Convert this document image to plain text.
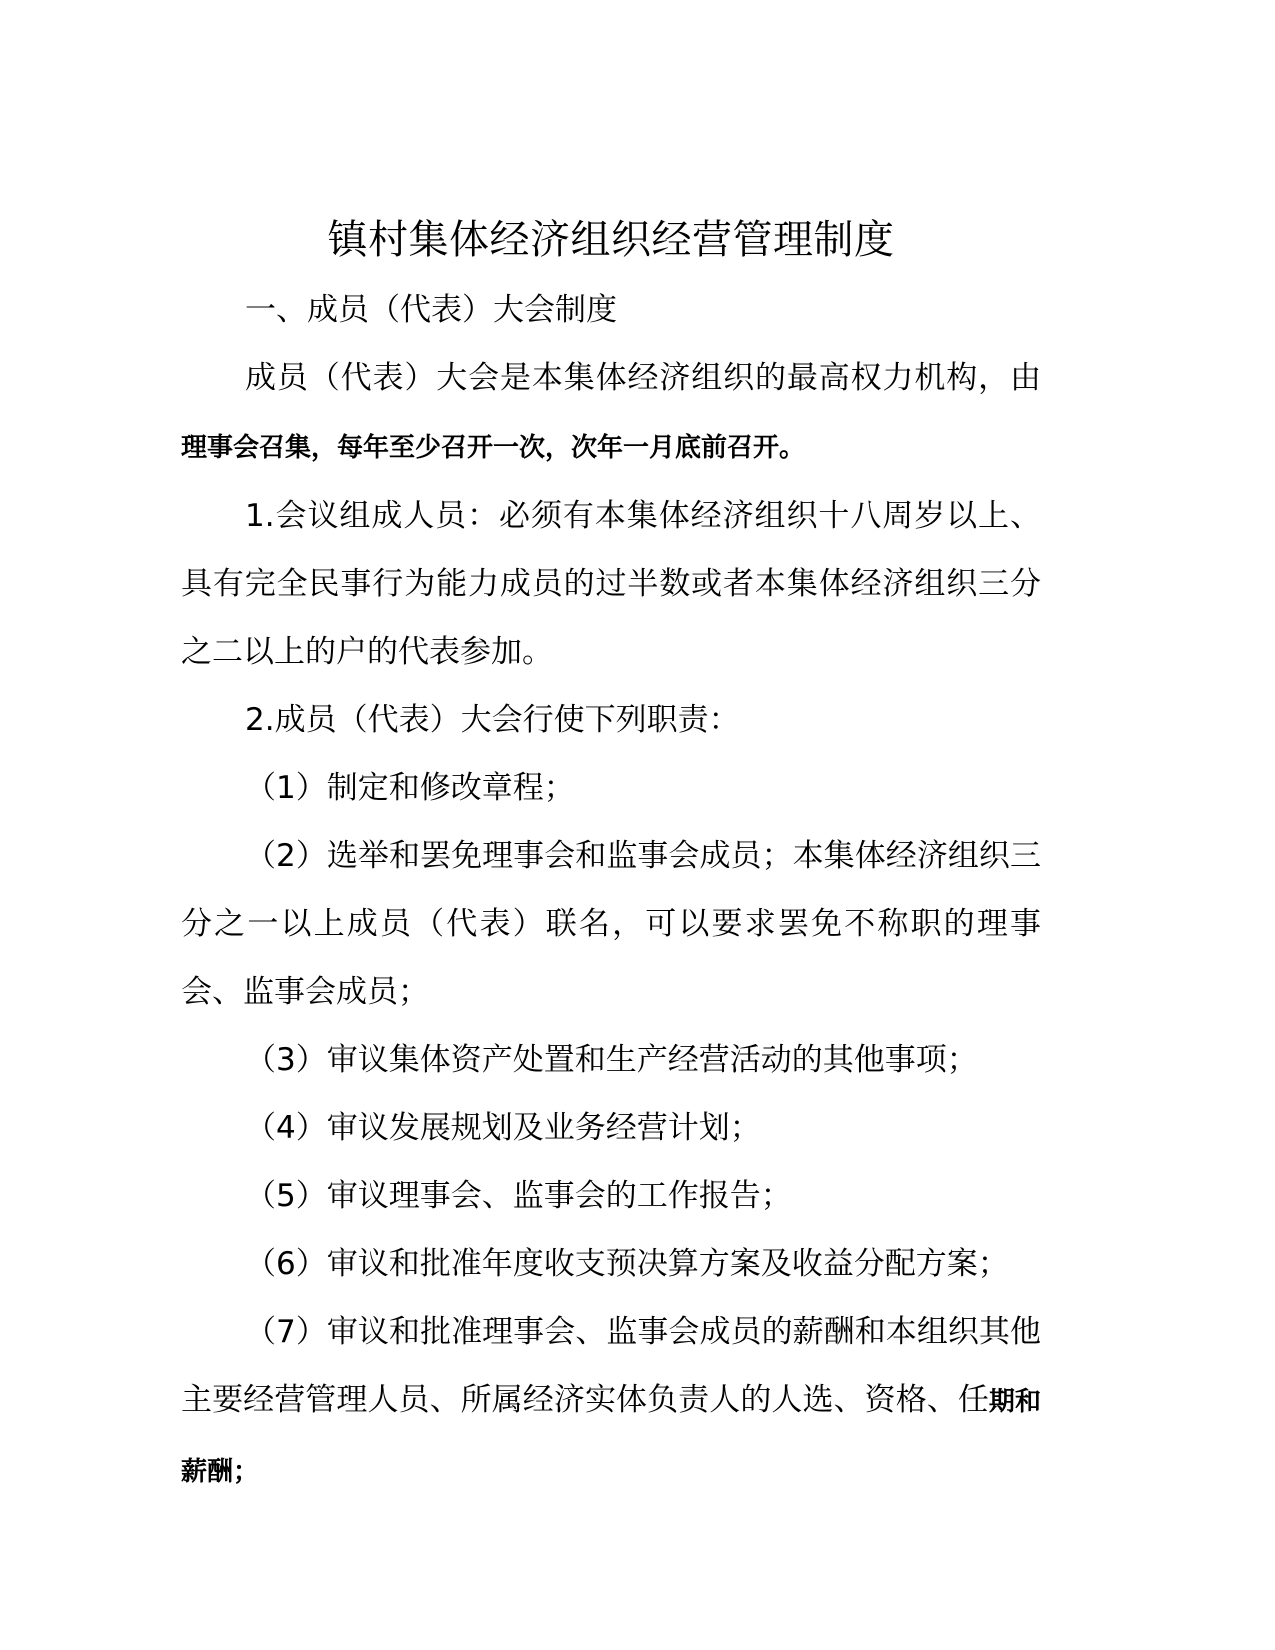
镇村集体经济组织经营管理制度

一、成员（代表）大会制度

成员（代表）大会是本集体经济组织的最高权力机构，由理事会召集，每年至少召开一次，次年一月底前召开。

1.会议组成人员：必须有本集体经济组织十八周岁以上、具有完全民事行为能力成员的过半数或者本集体经济组织三分之二以上的户的代表参加。

2.成员（代表）大会行使下列职责：

（1）制定和修改章程；

（2）选举和罢免理事会和监事会成员；本集体经济组织三分之一以上成员（代表）联名，可以要求罢免不称职的理事会、监事会成员；

（3）审议集体资产处置和生产经营活动的其他事项；

（4）审议发展规划及业务经营计划；

（5）审议理事会、监事会的工作报告；

（6）审议和批准年度收支预决算方案及收益分配方案；

（7）审议和批准理事会、监事会成员的薪酬和本组织其他主要经营管理人员、所属经济实体负责人的人选、资格、任期和薪酬；
